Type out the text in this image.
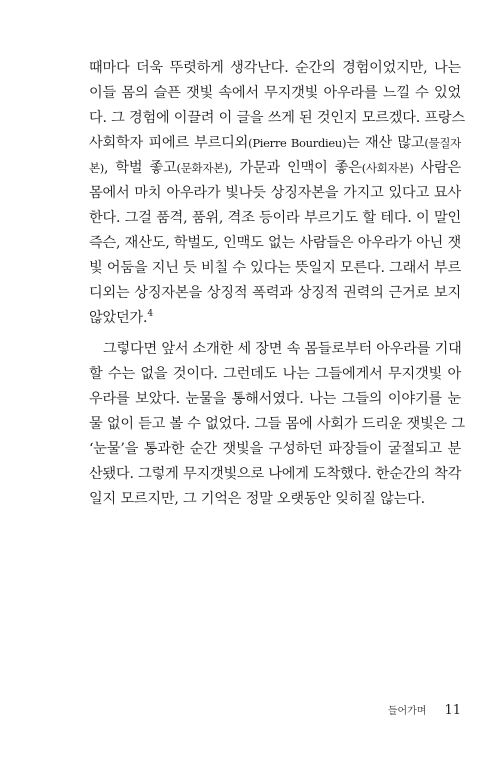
때마다 더욱 뚜렷하게 생각난다. 순간의 경험이었지만, 나는
이들 몸의 슬픈 잿빛 속에서 무지갯빛 아우라를 느낄 수 있었
다. 그 경험에 이끌려 이 글을 쓰게 된 것인지 모르겠다. 프랑스
사회학자 피에르 부르디외(Pierre Bourdieu)는 재산 많고(물질자
본), 학벌 좋고(문화자본), 가문과 인맥이 좋은(사회자본) 사람은
몸에서 마치 아우라가 빛나듯 상징자본을 가지고 있다고 묘사
한다. 그걸 품격, 품위, 격조 등이라 부르기도 할 테다. 이 말인
즉슨, 재산도, 학벌도, 인맥도 없는 사람들은 아우라가 아닌 잿
빛 어둠을 지닌 듯 비칠 수 있다는 뜻일지 모른다. 그래서 부르
디외는 상징자본을 상징적 폭력과 상징적 권력의 근거로 보지
않았던가.$^4$
그렇다면 앞서 소개한 세 장면 속 몸들로부터 아우라를 기대
할 수는 없을 것이다. 그런데도 나는 그들에게서 무지갯빛 아
우라를 보았다. 눈물을 통해서였다. 나는 그들의 이야기를 눈
물 없이 듣고 볼 수 없었다. 그들 몸에 사회가 드리운 잿빛은 그
‘눈물’을 통과한 순간 잿빛을 구성하던 파장들이 굴절되고 분
산됐다. 그렇게 무지갯빛으로 나에게 도착했다. 한순간의 착각
일지 모르지만, 그 기억은 정말 오랫동안 잊히질 않는다.
들어가며 11
